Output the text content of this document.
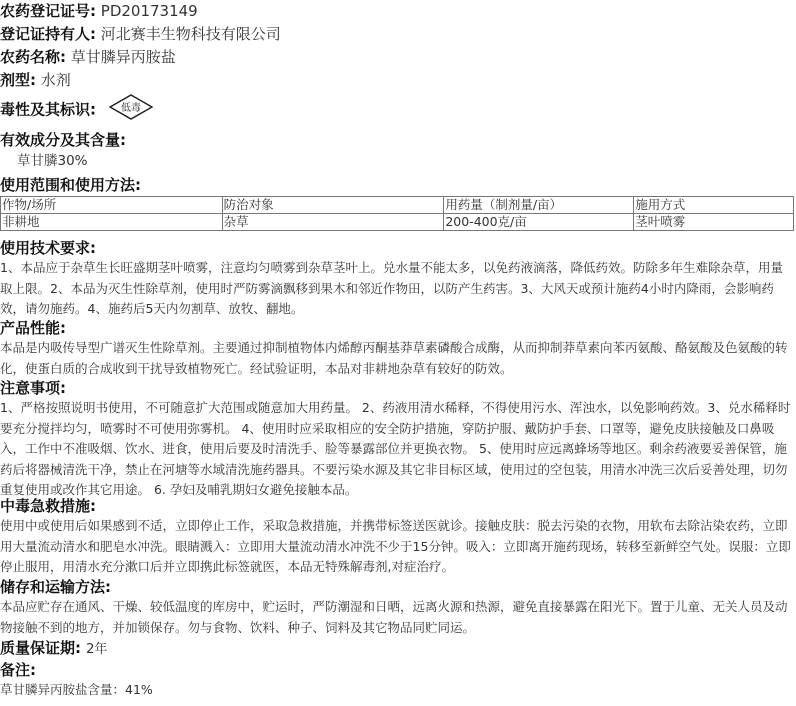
农药登记证号: PD20173149
登记证持有人: 河北赛丰生物科技有限公司
农药名称: 草甘膦异丙胺盐
剂型: 水剂
毒性及其标识: 低毒
有效成分及其含量:
草甘膦30%
使用范围和使用方法:
作物/场所	防治对象	用药量（制剂量/亩）	施用方式
非耕地	杂草	200-400克/亩	茎叶喷雾
使用技术要求:
1、本品应于杂草生长旺盛期茎叶喷雾，注意均匀喷雾到杂草茎叶上。兑水量不能太多，以免药液滴落，降低药效。防除多年生难除杂草，用量取上限。2、本品为灭生性除草剂，使用时严防雾滴飘移到果木和邻近作物田，以防产生药害。3、大风天或预计施药4小时内降雨，会影响药效，请勿施药。4、施药后5天内勿割草、放牧、翻地。
产品性能:
本品是内吸传导型广谱灭生性除草剂。主要通过抑制植物体内烯醇丙酮基莽草素磷酸合成酶，从而抑制莽草素向苯丙氨酸、酪氨酸及色氨酸的转化，使蛋白质的合成收到干扰导致植物死亡。经试验证明，本品对非耕地杂草有较好的防效。
注意事项:
1、严格按照说明书使用，不可随意扩大范围或随意加大用药量。 2、药液用清水稀释，不得使用污水、浑浊水，以免影响药效。3、兑水稀释时要充分搅拌均匀，喷雾时不可使用弥雾机。 4、使用时应采取相应的安全防护措施，穿防护服、戴防护手套、口罩等，避免皮肤接触及口鼻吸入，工作中不准吸烟、饮水、进食，使用后要及时清洗手、脸等暴露部位并更换衣物。 5、使用时应远离蜂场等地区。剩余药液要妥善保管，施药后将器械清洗干净，禁止在河塘等水域清洗施药器具。不要污染水源及其它非目标区域，使用过的空包装，用清水冲洗三次后妥善处理，切勿重复使用或改作其它用途。 6. 孕妇及哺乳期妇女避免接触本品。
中毒急救措施:
使用中或使用后如果感到不适，立即停止工作，采取急救措施，并携带标签送医就诊。接触皮肤：脱去污染的衣物，用软布去除沾染农药，立即用大量流动清水和肥皂水冲洗。眼睛溅入：立即用大量流动清水冲洗不少于15分钟。吸入：立即离开施药现场，转移至新鲜空气处。误服：立即停止服用，用清水充分漱口后并立即携此标签就医，本品无特殊解毒剂,对症治疗。
储存和运输方法:
本品应贮存在通风、干燥、较低温度的库房中，贮运时，严防潮湿和日晒，远离火源和热源，避免直接暴露在阳光下。置于儿童、无关人员及动物接触不到的地方，并加锁保存。勿与食物、饮料、种子、饲料及其它物品同贮同运。
质量保证期: 2年
备注:
草甘膦异丙胺盐含量：41%
